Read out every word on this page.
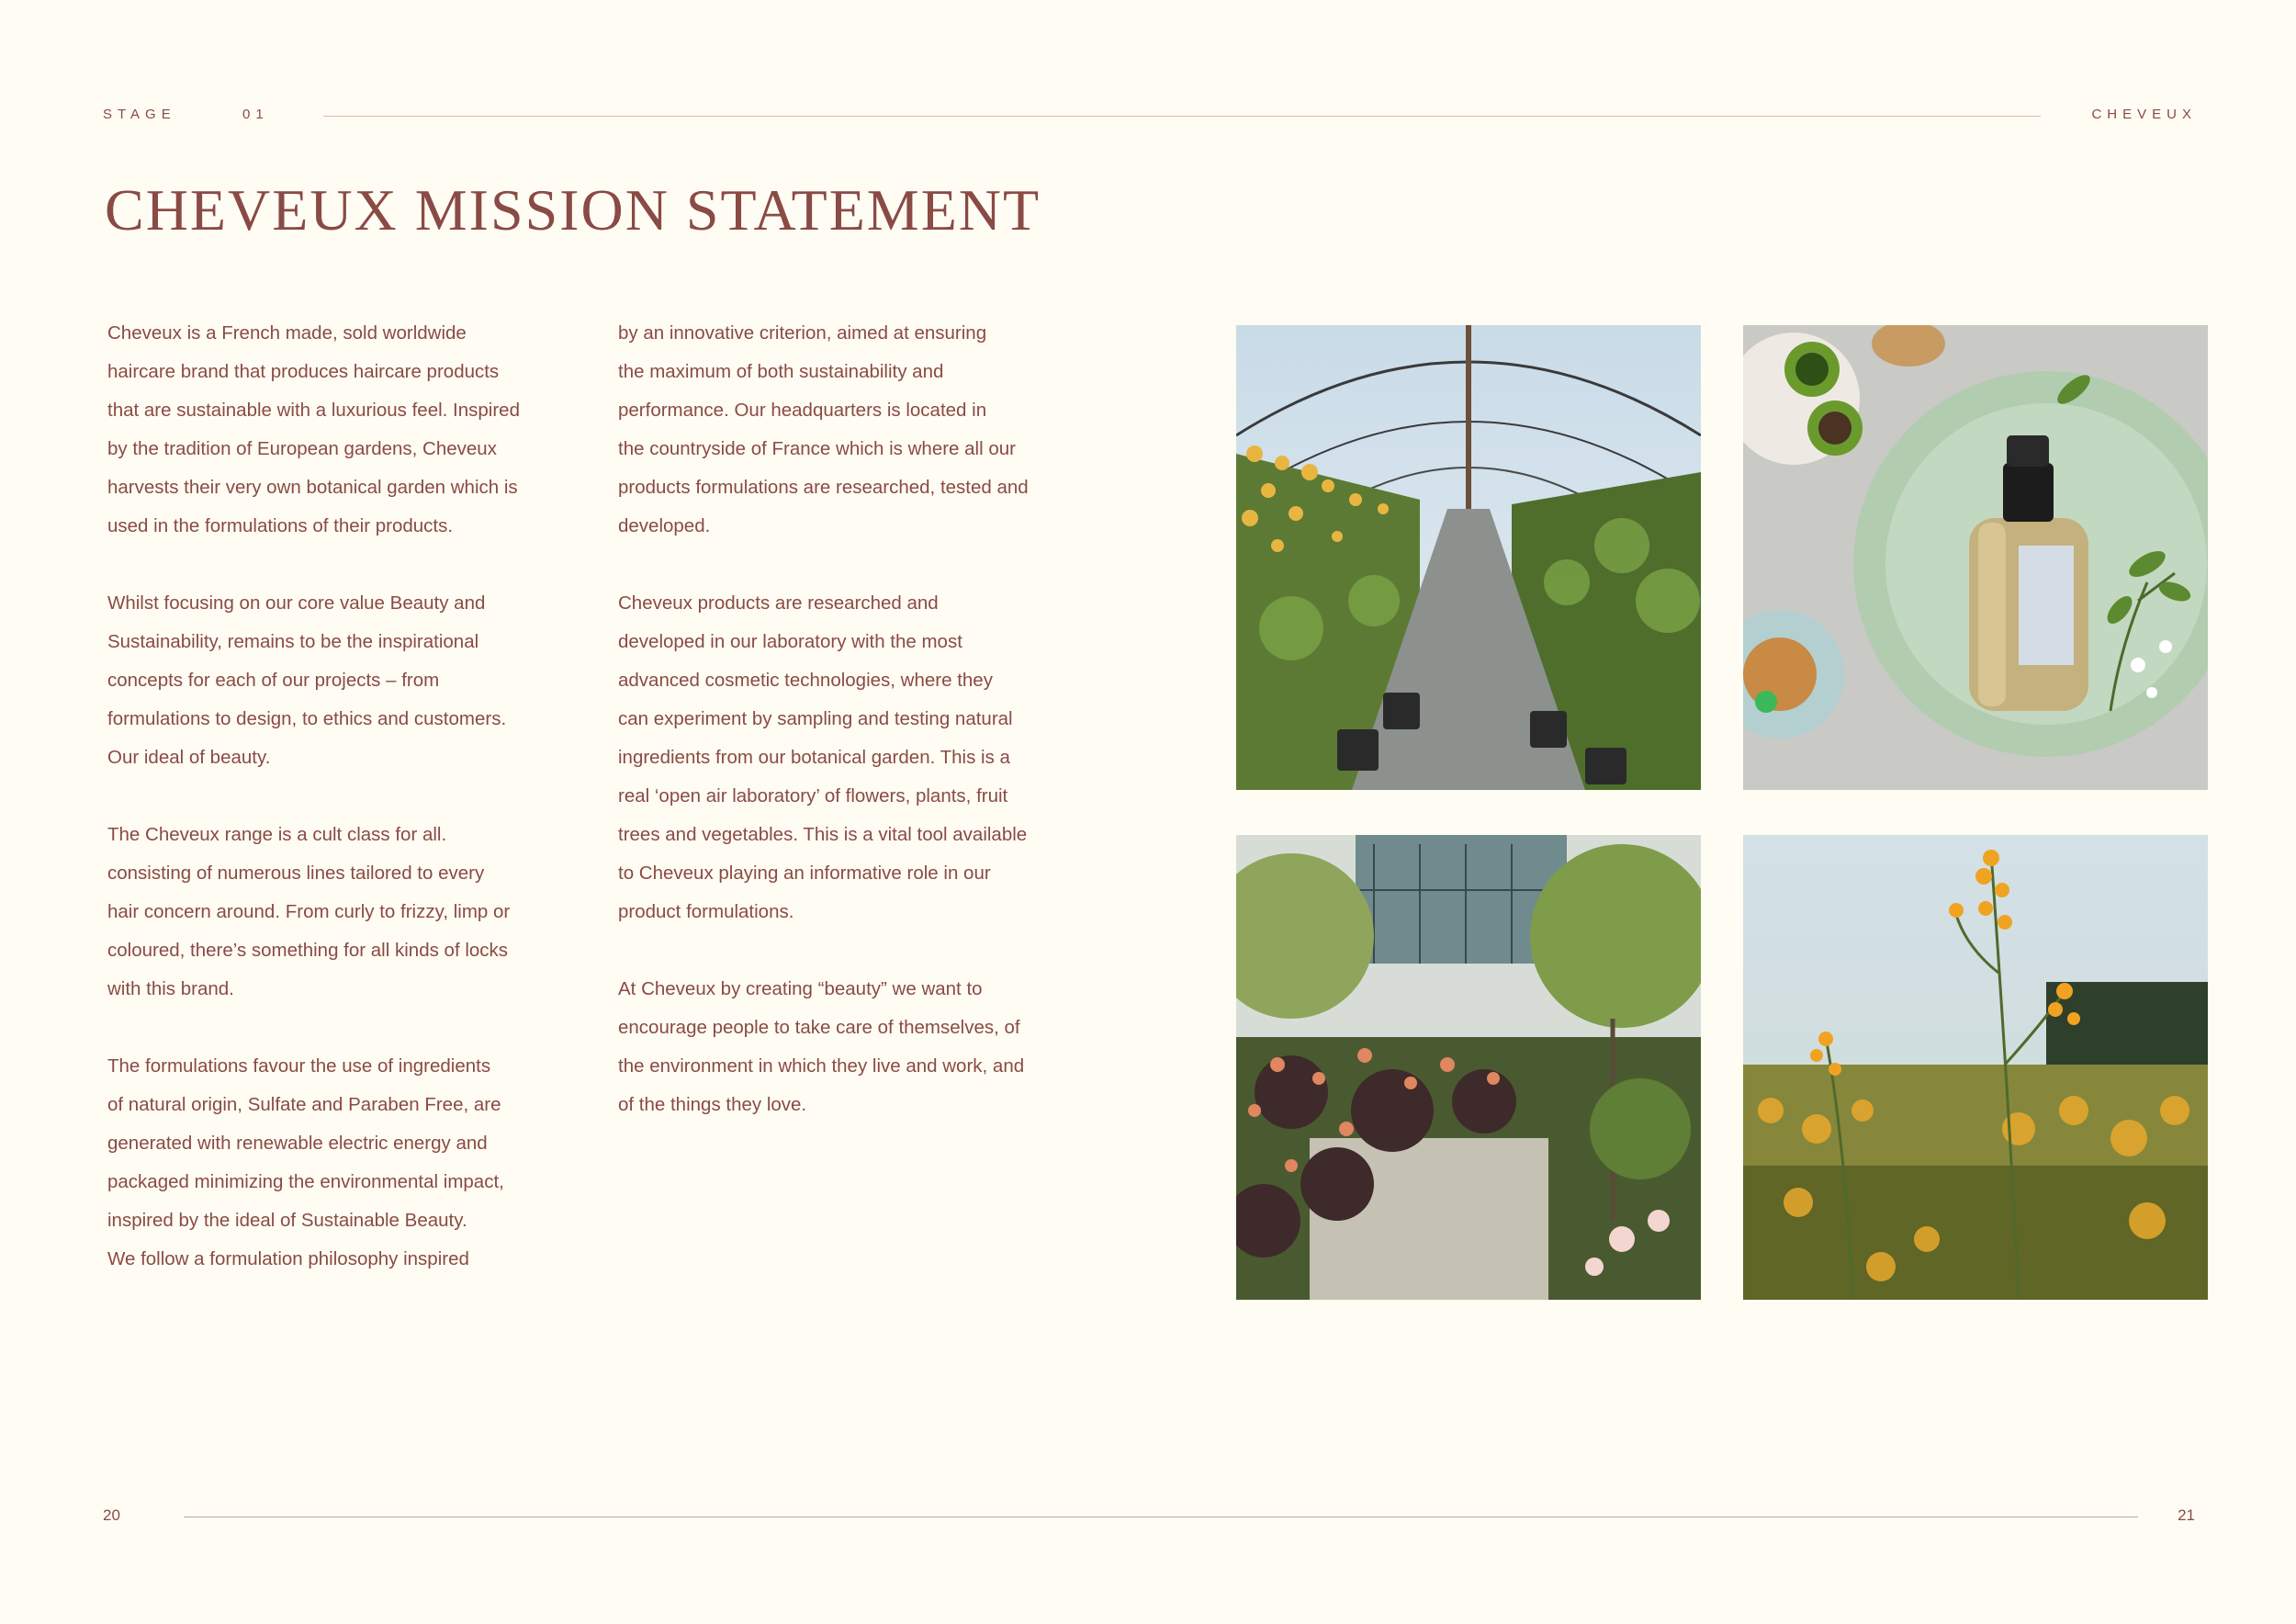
STAGE	01	CHEVEUX
CHEVEUX MISSION STATEMENT
Cheveux is a French made, sold worldwide
haircare brand that produces haircare products
that are sustainable with a luxurious feel. Inspired
by the tradition of European gardens, Cheveux
harvests their very own botanical garden which is
used in the formulations of their products.
Whilst focusing on our core value Beauty and
Sustainability, remains to be the inspirational
concepts for each of our projects – from
formulations to design, to ethics and customers.
Our ideal of beauty.
The Cheveux range is a cult class for all.
consisting of numerous lines tailored to every
hair concern around. From curly to frizzy, limp or
coloured, there’s something for all kinds of locks
with this brand.
The formulations favour the use of ingredients
of natural origin, Sulfate and Paraben Free, are
generated with renewable electric energy and
packaged minimizing the environmental impact,
inspired by the ideal of Sustainable Beauty.
We follow a formulation philosophy inspired
by an innovative criterion, aimed at ensuring
the maximum of both sustainability and
performance. Our headquarters is located in
the countryside of France which is where all our
products formulations are researched, tested and
developed.
Cheveux products are researched and
developed in our laboratory with the most
advanced cosmetic technologies, where they
can experiment by sampling and testing natural
ingredients from our botanical garden. This is a
real ‘open air laboratory’ of flowers, plants, fruit
trees and vegetables. This is a vital tool available
to Cheveux playing an informative role in our
product formulations.
At Cheveux by creating “beauty” we want to
encourage people to take care of themselves, of
the environment in which they live and work, and
of the things they love.
20	21
